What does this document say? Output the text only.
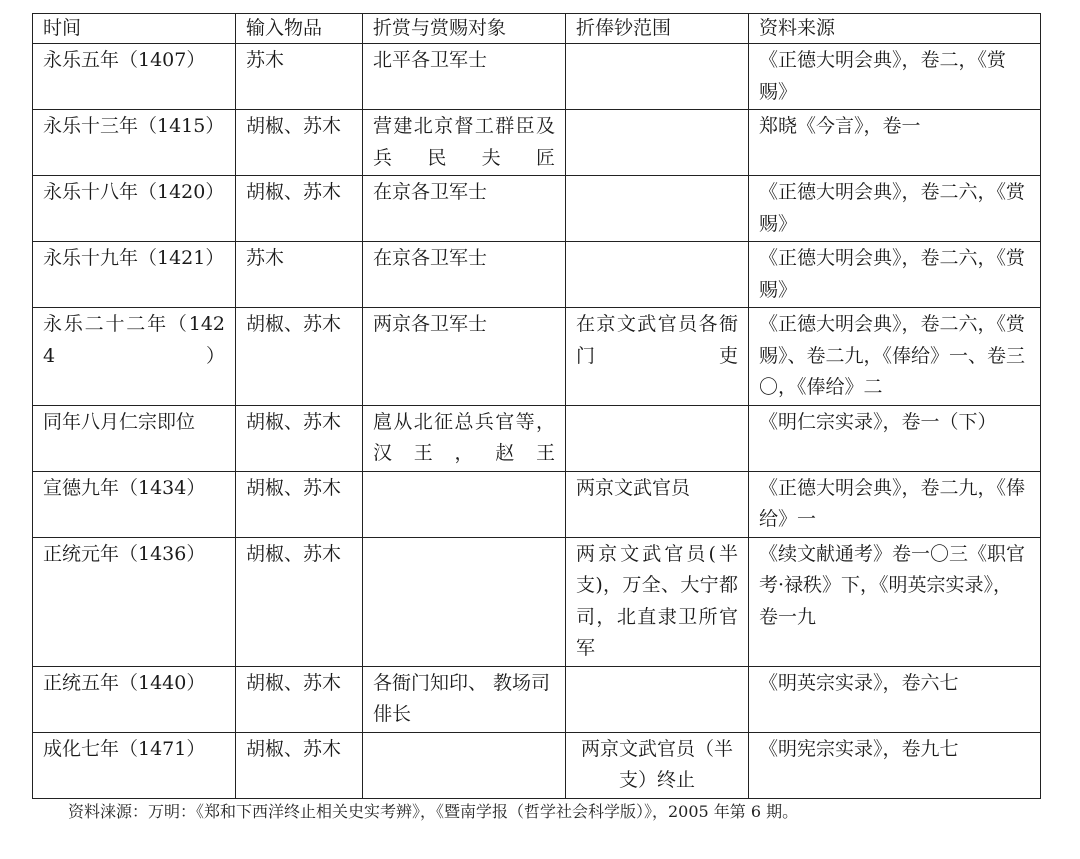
时间	输入物品	折赏与赏赐对象	折俸钞范围	资料来源
永乐五年（1407）	苏木	北平各卫军士		《正德大明会典》，卷二，《赏赐》
永乐十三年（1415）	胡椒、苏木	营建北京督工群臣及兵民夫匠		郑晓《今言》，卷一
永乐十八年（1420）	胡椒、苏木	在京各卫军士		《正德大明会典》，卷二六，《赏赐》
永乐十九年（1421）	苏木	在京各卫军士		《正德大明会典》，卷二六，《赏赐》
永乐二十二年（1424）	胡椒、苏木	两京各卫军士	在京文武官员各衙门吏	《正德大明会典》，卷二六，《赏赐》、卷二九，《俸给》一、卷三〇，《俸给》二
同年八月仁宗即位	胡椒、苏木	扈从北征总兵官等，汉王，赵王		《明仁宗实录》，卷一（下）
宣德九年（1434）	胡椒、苏木		两京文武官员	《正德大明会典》，卷二九，《俸给》一
正统元年（1436）	胡椒、苏木		两京文武官员(半支)，万全、大宁都司，北直隶卫所官军	《续文献通考》卷一〇三《职官考·禄秩》下，《明英宗实录》，卷一九
正统五年（1440）	胡椒、苏木	各衙门知印、 教场司俳长		《明英宗实录》，卷六七
成化七年（1471）	胡椒、苏木		两京文武官员（半支）终止	《明宪宗实录》，卷九七
资料涞源：万明：《郑和下西洋终止相关史实考辨》，《暨南学报（哲学社会科学版）》，2005 年第 6 期。
